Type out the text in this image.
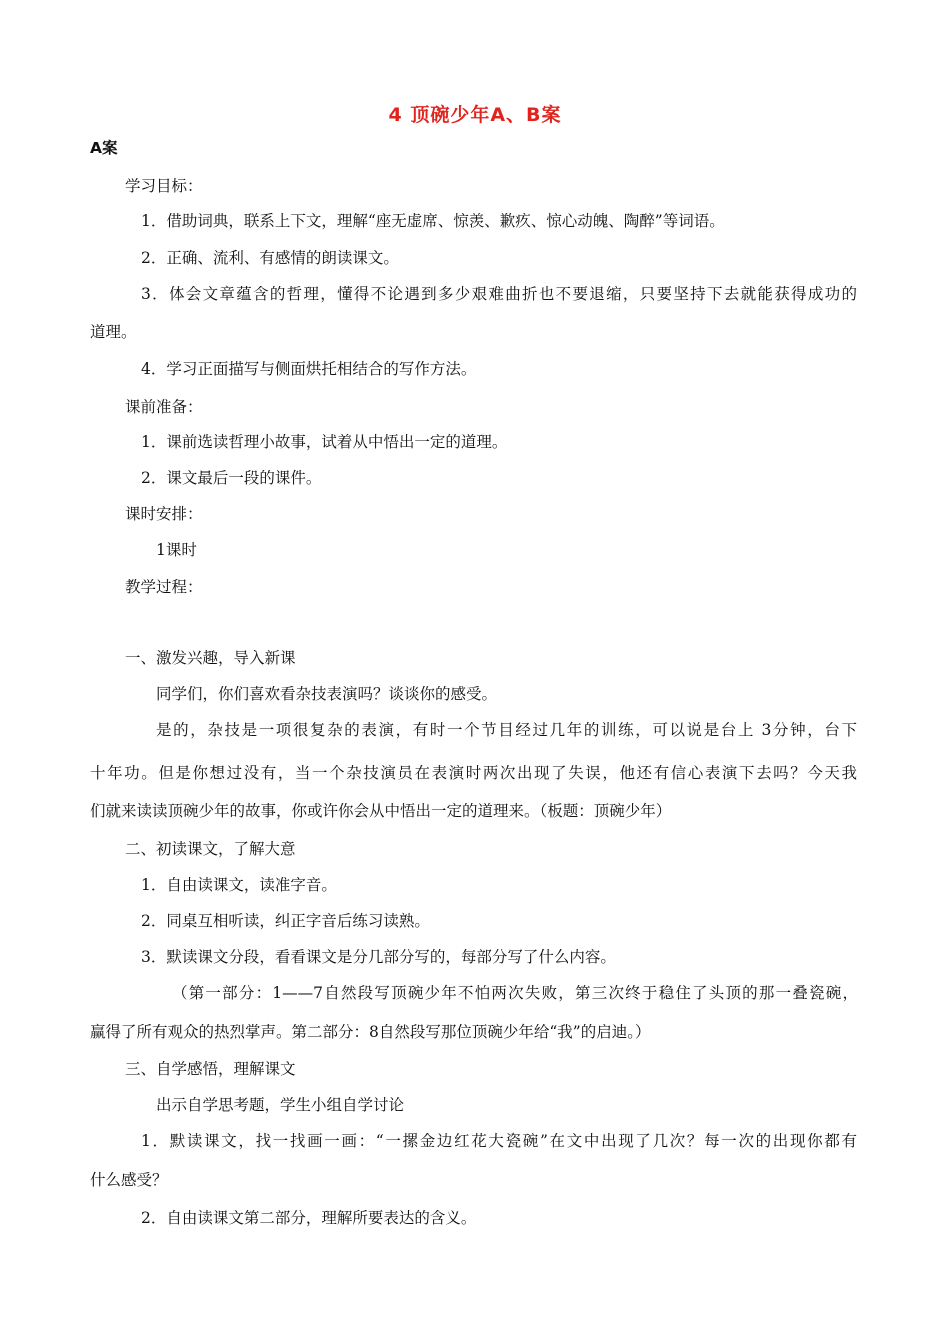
4 顶碗少年A、B案
A案
学习目标：
1．借助词典，联系上下文，理解“座无虚席、惊羡、歉疚、惊心动魄、陶醉”等词语。
2．正确、流利、有感情的朗读课文。
3．体会文章蕴含的哲理，懂得不论遇到多少艰难曲折也不要退缩，只要坚持下去就能获得成功的
道理。
4．学习正面描写与侧面烘托相结合的写作方法。
课前准备：
1．课前选读哲理小故事，试着从中悟出一定的道理。
2．课文最后一段的课件。
课时安排：
1课时
教学过程：
一、激发兴趣，导入新课
同学们，你们喜欢看杂技表演吗？谈谈你的感受。
是的，杂技是一项很复杂的表演，有时一个节目经过几年的训练，可以说是台上 3分钟，台下
十年功。但是你想过没有，当一个杂技演员在表演时两次出现了失误，他还有信心表演下去吗？今天我
们就来读读顶碗少年的故事，你或许你会从中悟出一定的道理来。（板题：顶碗少年）
二、初读课文，了解大意
1．自由读课文，读准字音。
2．同桌互相听读，纠正字音后练习读熟。
3．默读课文分段，看看课文是分几部分写的，每部分写了什么内容。
（第一部分：1——7自然段写顶碗少年不怕两次失败，第三次终于稳住了头顶的那一叠瓷碗，
赢得了所有观众的热烈掌声。第二部分：8自然段写那位顶碗少年给“我”的启迪。）
三、自学感悟，理解课文
出示自学思考题，学生小组自学讨论
1．默读课文，找一找画一画：“一摞金边红花大瓷碗”在文中出现了几次？每一次的出现你都有
什么感受？
2．自由读课文第二部分，理解所要表达的含义。
